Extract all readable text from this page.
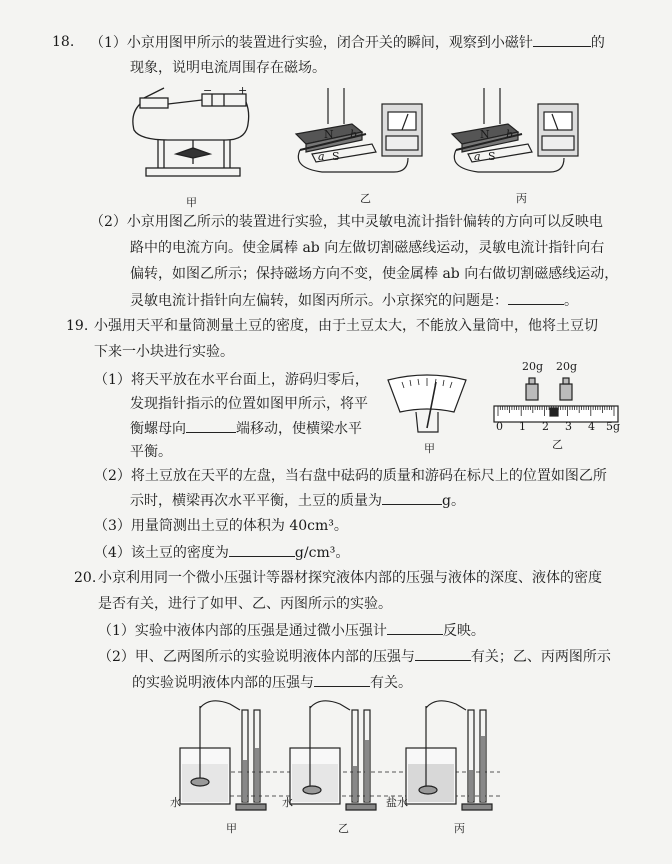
18. （1）小京用图甲所示的装置进行实验，闭合开关的瞬间，观察到小磁针	的
现象，说明电流周围存在磁场。
− +
甲
N
a
b
S
乙
N
a
b
S
丙
（2）小京用图乙所示的装置进行实验，其中灵敏电流计指针偏转的方向可以反映电
路中的电流方向。使金属棒 ab 向左做切割磁感线运动，灵敏电流计指针向右
偏转，如图乙所示；保持磁场方向不变，使金属棒 ab 向右做切割磁感线运动，
灵敏电流计指针向左偏转，如图丙所示。小京探究的问题是：	。
19. 小强用天平和量筒测量土豆的密度，由于土豆太大，不能放入量筒中，他将土豆切
下来一小块进行实验。
（1）将天平放在水平台面上，游码归零后，
发现指针指示的位置如图甲所示，将平
衡螺母向	端移动，使横梁水平
平衡。	甲
20g 20g
0 1 2 3 4 5g
乙
（2）将土豆放在天平的左盘，当右盘中砝码的质量和游码在标尺上的位置如图乙所
示时，横梁再次水平平衡，土豆的质量为	g。
（3）用量筒测出土豆的体积为 40cm³。
（4）该土豆的密度为	g/cm³。
20. 小京利用同一个微小压强计等器材探究液体内部的压强与液体的深度、液体的密度
是否有关，进行了如甲、乙、丙图所示的实验。
（1）实验中液体内部的压强是通过微小压强计	反映。
（2）甲、乙两图所示的实验说明液体内部的压强与	有关；乙、丙两图所示
的实验说明液体内部的压强与	有关。
水	水	盐水
甲	乙	丙
